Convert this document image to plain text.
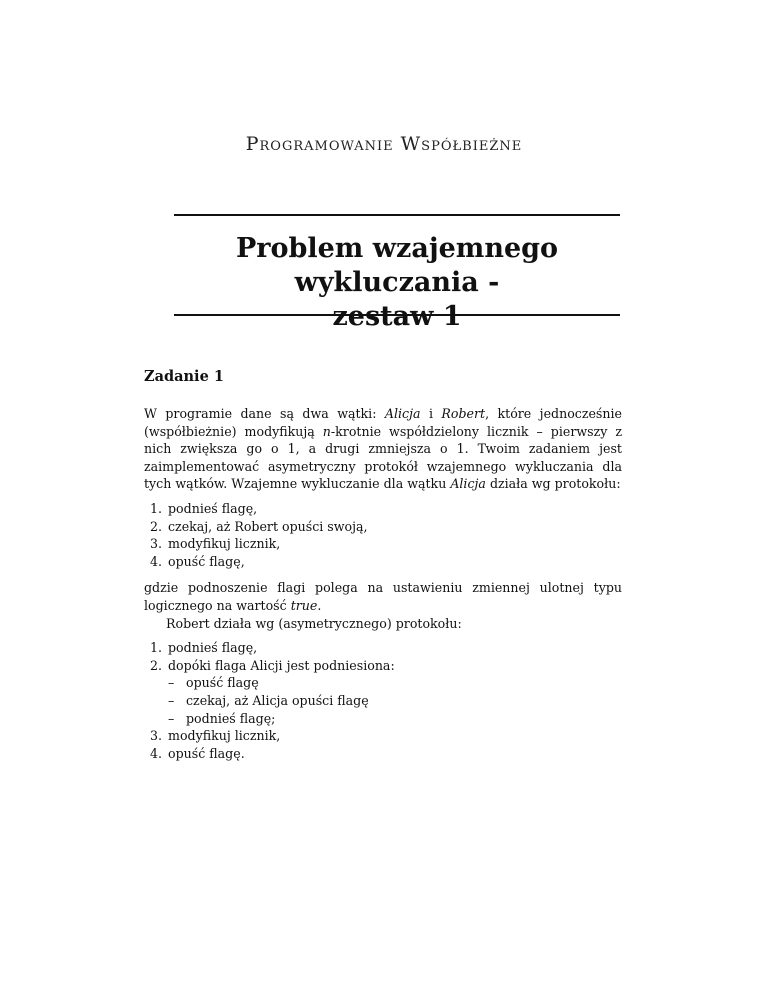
Programowanie Współbieżne
Problem wzajemnego wykluczania -
zestaw 1
Zadanie 1

W programie dane są dwa wątki: Alicja i Robert, które jednocześnie (współbieżnie) modyfikują n-krotnie współdzielony licznik – pierwszy z nich zwiększa go o 1, a drugi zmniejsza o 1. Twoim zadaniem jest zaimplementować asymetryczny protokół wzajemnego wykluczania dla tych wątków. Wzajemne wykluczanie dla wątku Alicja działa wg protokołu:

1. podnieś flagę,
2. czekaj, aż Robert opuści swoją,
3. modyfikuj licznik,
4. opuść flagę,

gdzie podnoszenie flagi polega na ustawieniu zmiennej ulotnej typu logicznego na wartość true.

Robert działa wg (asymetrycznego) protokołu:

1. podnieś flagę,
2. dopóki flaga Alicji jest podniesiona:
– opuść flagę
– czekaj, aż Alicja opuści flagę
– podnieś flagę;
3. modyfikuj licznik,
4. opuść flagę.
